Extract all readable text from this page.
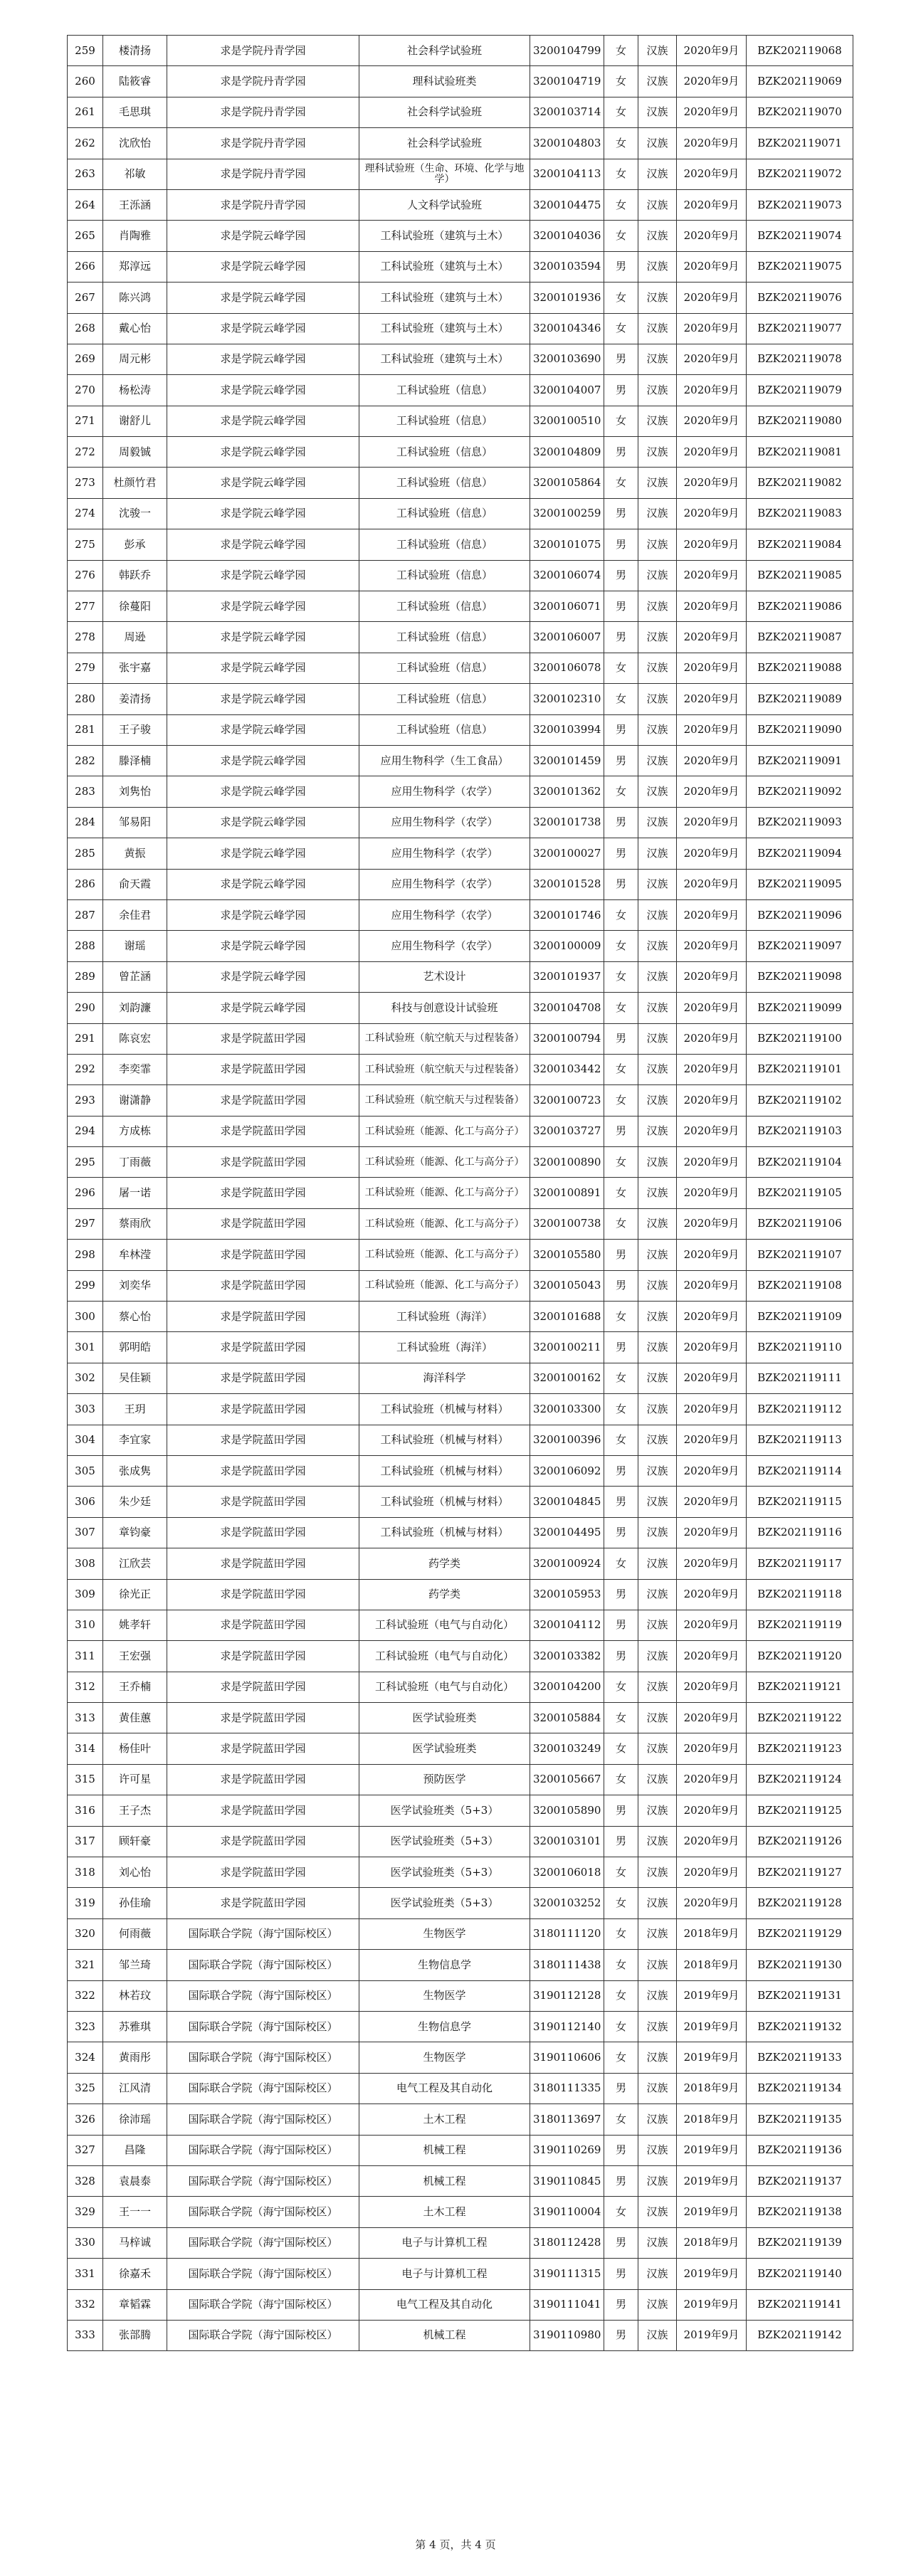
259	楼清扬	求是学院丹青学园	社会科学试验班	3200104799	女	汉族	2020年9月	BZK202119068
260	陆筱睿	求是学院丹青学园	理科试验班类	3200104719	女	汉族	2020年9月	BZK202119069
261	毛思琪	求是学院丹青学园	社会科学试验班	3200103714	女	汉族	2020年9月	BZK202119070
262	沈欣怡	求是学院丹青学园	社会科学试验班	3200104803	女	汉族	2020年9月	BZK202119071
263	祁敏	求是学院丹青学园	理科试验班（生命、环境、化学与地学）	3200104113	女	汉族	2020年9月	BZK202119072
264	王泺涵	求是学院丹青学园	人文科学试验班	3200104475	女	汉族	2020年9月	BZK202119073
265	肖陶雅	求是学院云峰学园	工科试验班（建筑与土木）	3200104036	女	汉族	2020年9月	BZK202119074
266	郑淳远	求是学院云峰学园	工科试验班（建筑与土木）	3200103594	男	汉族	2020年9月	BZK202119075
267	陈兴鸿	求是学院云峰学园	工科试验班（建筑与土木）	3200101936	女	汉族	2020年9月	BZK202119076
268	戴心怡	求是学院云峰学园	工科试验班（建筑与土木）	3200104346	女	汉族	2020年9月	BZK202119077
269	周元彬	求是学院云峰学园	工科试验班（建筑与土木）	3200103690	男	汉族	2020年9月	BZK202119078
270	杨松涛	求是学院云峰学园	工科试验班（信息）	3200104007	男	汉族	2020年9月	BZK202119079
271	谢舒儿	求是学院云峰学园	工科试验班（信息）	3200100510	女	汉族	2020年9月	BZK202119080
272	周毅铖	求是学院云峰学园	工科试验班（信息）	3200104809	男	汉族	2020年9月	BZK202119081
273	杜颜竹君	求是学院云峰学园	工科试验班（信息）	3200105864	女	汉族	2020年9月	BZK202119082
274	沈骏一	求是学院云峰学园	工科试验班（信息）	3200100259	男	汉族	2020年9月	BZK202119083
275	彭承	求是学院云峰学园	工科试验班（信息）	3200101075	男	汉族	2020年9月	BZK202119084
276	韩跃乔	求是学院云峰学园	工科试验班（信息）	3200106074	男	汉族	2020年9月	BZK202119085
277	徐蔓阳	求是学院云峰学园	工科试验班（信息）	3200106071	男	汉族	2020年9月	BZK202119086
278	周逊	求是学院云峰学园	工科试验班（信息）	3200106007	男	汉族	2020年9月	BZK202119087
279	张宇嘉	求是学院云峰学园	工科试验班（信息）	3200106078	女	汉族	2020年9月	BZK202119088
280	姜清扬	求是学院云峰学园	工科试验班（信息）	3200102310	女	汉族	2020年9月	BZK202119089
281	王子骏	求是学院云峰学园	工科试验班（信息）	3200103994	男	汉族	2020年9月	BZK202119090
282	滕泽楠	求是学院云峰学园	应用生物科学（生工食品）	3200101459	男	汉族	2020年9月	BZK202119091
283	刘隽怡	求是学院云峰学园	应用生物科学（农学）	3200101362	女	汉族	2020年9月	BZK202119092
284	邹易阳	求是学院云峰学园	应用生物科学（农学）	3200101738	男	汉族	2020年9月	BZK202119093
285	黄振	求是学院云峰学园	应用生物科学（农学）	3200100027	男	汉族	2020年9月	BZK202119094
286	俞天霞	求是学院云峰学园	应用生物科学（农学）	3200101528	男	汉族	2020年9月	BZK202119095
287	余佳君	求是学院云峰学园	应用生物科学（农学）	3200101746	女	汉族	2020年9月	BZK202119096
288	谢瑶	求是学院云峰学园	应用生物科学（农学）	3200100009	女	汉族	2020年9月	BZK202119097
289	曾芷涵	求是学院云峰学园	艺术设计	3200101937	女	汉族	2020年9月	BZK202119098
290	刘韵濂	求是学院云峰学园	科技与创意设计试验班	3200104708	女	汉族	2020年9月	BZK202119099
291	陈哀宏	求是学院蓝田学园	工科试验班（航空航天与过程装备）	3200100794	男	汉族	2020年9月	BZK202119100
292	李奕霏	求是学院蓝田学园	工科试验班（航空航天与过程装备）	3200103442	女	汉族	2020年9月	BZK202119101
293	谢潇静	求是学院蓝田学园	工科试验班（航空航天与过程装备）	3200100723	女	汉族	2020年9月	BZK202119102
294	方成栋	求是学院蓝田学园	工科试验班（能源、化工与高分子）	3200103727	男	汉族	2020年9月	BZK202119103
295	丁雨薇	求是学院蓝田学园	工科试验班（能源、化工与高分子）	3200100890	女	汉族	2020年9月	BZK202119104
296	屠一诺	求是学院蓝田学园	工科试验班（能源、化工与高分子）	3200100891	女	汉族	2020年9月	BZK202119105
297	蔡雨欣	求是学院蓝田学园	工科试验班（能源、化工与高分子）	3200100738	女	汉族	2020年9月	BZK202119106
298	牟林滢	求是学院蓝田学园	工科试验班（能源、化工与高分子）	3200105580	男	汉族	2020年9月	BZK202119107
299	刘奕华	求是学院蓝田学园	工科试验班（能源、化工与高分子）	3200105043	男	汉族	2020年9月	BZK202119108
300	蔡心怡	求是学院蓝田学园	工科试验班（海洋）	3200101688	女	汉族	2020年9月	BZK202119109
301	郭明皓	求是学院蓝田学园	工科试验班（海洋）	3200100211	男	汉族	2020年9月	BZK202119110
302	吴佳颖	求是学院蓝田学园	海洋科学	3200100162	女	汉族	2020年9月	BZK202119111
303	王玥	求是学院蓝田学园	工科试验班（机械与材料）	3200103300	女	汉族	2020年9月	BZK202119112
304	李宜家	求是学院蓝田学园	工科试验班（机械与材料）	3200100396	女	汉族	2020年9月	BZK202119113
305	张成隽	求是学院蓝田学园	工科试验班（机械与材料）	3200106092	男	汉族	2020年9月	BZK202119114
306	朱少廷	求是学院蓝田学园	工科试验班（机械与材料）	3200104845	男	汉族	2020年9月	BZK202119115
307	章钧豪	求是学院蓝田学园	工科试验班（机械与材料）	3200104495	男	汉族	2020年9月	BZK202119116
308	江欣芸	求是学院蓝田学园	药学类	3200100924	女	汉族	2020年9月	BZK202119117
309	徐光正	求是学院蓝田学园	药学类	3200105953	男	汉族	2020年9月	BZK202119118
310	姚孝轩	求是学院蓝田学园	工科试验班（电气与自动化）	3200104112	男	汉族	2020年9月	BZK202119119
311	王宏强	求是学院蓝田学园	工科试验班（电气与自动化）	3200103382	男	汉族	2020年9月	BZK202119120
312	王乔楠	求是学院蓝田学园	工科试验班（电气与自动化）	3200104200	女	汉族	2020年9月	BZK202119121
313	黄佳蕙	求是学院蓝田学园	医学试验班类	3200105884	女	汉族	2020年9月	BZK202119122
314	杨佳叶	求是学院蓝田学园	医学试验班类	3200103249	女	汉族	2020年9月	BZK202119123
315	许可星	求是学院蓝田学园	预防医学	3200105667	女	汉族	2020年9月	BZK202119124
316	王子杰	求是学院蓝田学园	医学试验班类（5+3）	3200105890	男	汉族	2020年9月	BZK202119125
317	顾轩豪	求是学院蓝田学园	医学试验班类（5+3）	3200103101	男	汉族	2020年9月	BZK202119126
318	刘心怡	求是学院蓝田学园	医学试验班类（5+3）	3200106018	女	汉族	2020年9月	BZK202119127
319	孙佳瑜	求是学院蓝田学园	医学试验班类（5+3）	3200103252	女	汉族	2020年9月	BZK202119128
320	何雨薇	国际联合学院（海宁国际校区）	生物医学	3180111120	女	汉族	2018年9月	BZK202119129
321	邹兰琦	国际联合学院（海宁国际校区）	生物信息学	3180111438	女	汉族	2018年9月	BZK202119130
322	林若玟	国际联合学院（海宁国际校区）	生物医学	3190112128	女	汉族	2019年9月	BZK202119131
323	苏雅琪	国际联合学院（海宁国际校区）	生物信息学	3190112140	女	汉族	2019年9月	BZK202119132
324	黄雨彤	国际联合学院（海宁国际校区）	生物医学	3190110606	女	汉族	2019年9月	BZK202119133
325	江风清	国际联合学院（海宁国际校区）	电气工程及其自动化	3180111335	男	汉族	2018年9月	BZK202119134
326	徐沛瑶	国际联合学院（海宁国际校区）	土木工程	3180113697	女	汉族	2018年9月	BZK202119135
327	昌隆	国际联合学院（海宁国际校区）	机械工程	3190110269	男	汉族	2019年9月	BZK202119136
328	袁晨泰	国际联合学院（海宁国际校区）	机械工程	3190110845	男	汉族	2019年9月	BZK202119137
329	王一一	国际联合学院（海宁国际校区）	土木工程	3190110004	女	汉族	2019年9月	BZK202119138
330	马梓诚	国际联合学院（海宁国际校区）	电子与计算机工程	3180112428	男	汉族	2018年9月	BZK202119139
331	徐嘉禾	国际联合学院（海宁国际校区）	电子与计算机工程	3190111315	男	汉族	2019年9月	BZK202119140
332	章韬霖	国际联合学院（海宁国际校区）	电气工程及其自动化	3190111041	男	汉族	2019年9月	BZK202119141
333	张部腾	国际联合学院（海宁国际校区）	机械工程	3190110980	男	汉族	2019年9月	BZK202119142
第 4 页，共 4 页
